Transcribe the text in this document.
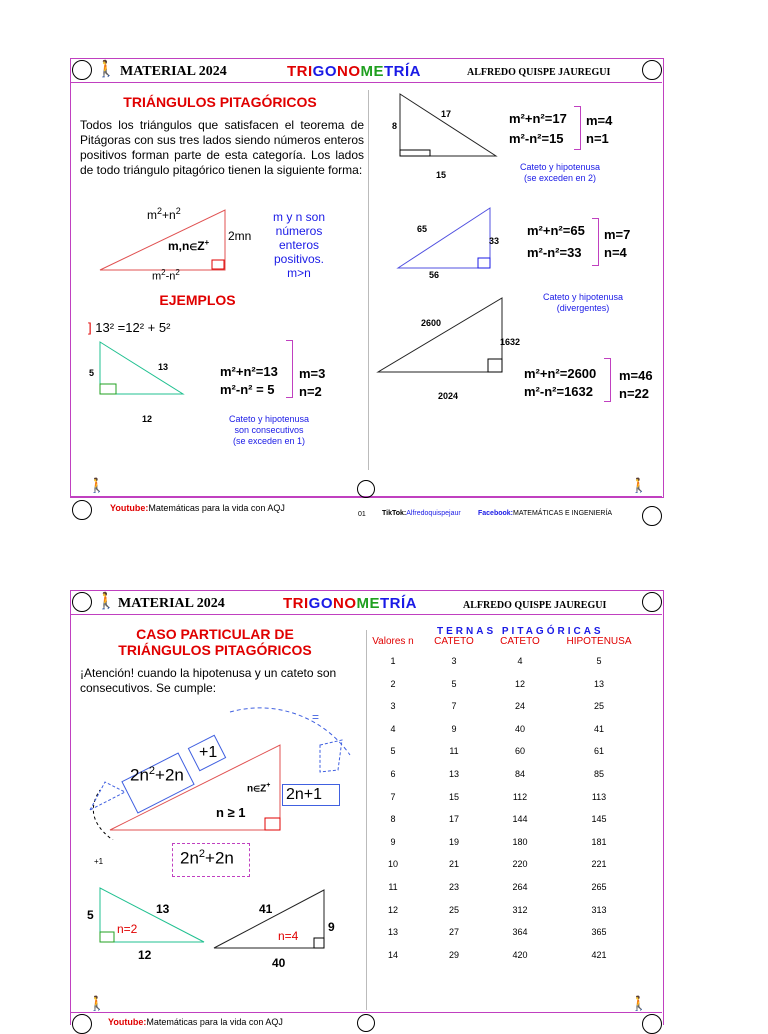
🚶 MATERIAL 2024	TRIGONOMETRÍA	ALFREDO QUISPE JAUREGUI
TRIÁNGULOS PITAGÓRICOS
Todos los triángulos que satisfacen el teorema de Pitágoras con sus tres lados siendo números enteros positivos forman parte de esta categoría. Los lados de todo triángulo pitagórico tienen la siguiente forma:
$m^2+n^2$
2mn
$m^2-n^2$
m,n∈Z+
m y n son
números
enteros
positivos.
m>n
EJEMPLOS
] 13² =12² + 5²
5
13
12
m²+n²=13
m²-n² = 5
m=3
n=2
Cateto y hipotenusa
son consecutivos
(se exceden en 1)
8
17
15
m²+n²=17
m²-n²=15
m=4
n=1
Cateto y hipotenusa
(se exceden en 2)
65
33
56
m²+n²=65
m²-n²=33
m=7
n=4
Cateto y hipotenusa
(divergentes)
2600
1632
2024
m²+n²=2600
m²-n²=1632
m=46
n=22
🚶	🚶
Youtube:Matemáticas para la vida con AQJ
01 TikTok:Alfredoquispejaur Facebook:MATEMÁTICAS E INGENIERÍA
🚶 MATERIAL 2024	TRIGONOMETRÍA	ALFREDO QUISPE JAUREGUI
CASO PARTICULAR DE
TRIÁNGULOS PITAGÓRICOS
¡Atención! cuando la hipotenusa y un cateto son consecutivos. Se cumple:
$2n^2+2n$
+1
n∈Z+
n ≥ 1
2n+1
=
+1	$2n^2+2n$
5	13
12
n=2
41
9
40
n=4
TERNAS PITAGÓRICAS
Valores n	CATETO	CATETO	HIPOTENUSA
1	3	4	5
2	5	12	13
3	7	24	25
4	9	40	41
5	11	60	61
6	13	84	85
7	15	112	113
8	17	144	145
9	19	180	181
10	21	220	221
11	23	264	265
12	25	312	313
13	27	364	365
14	29	420	421
🚶	🚶
Youtube:Matemáticas para la vida con AQJ
